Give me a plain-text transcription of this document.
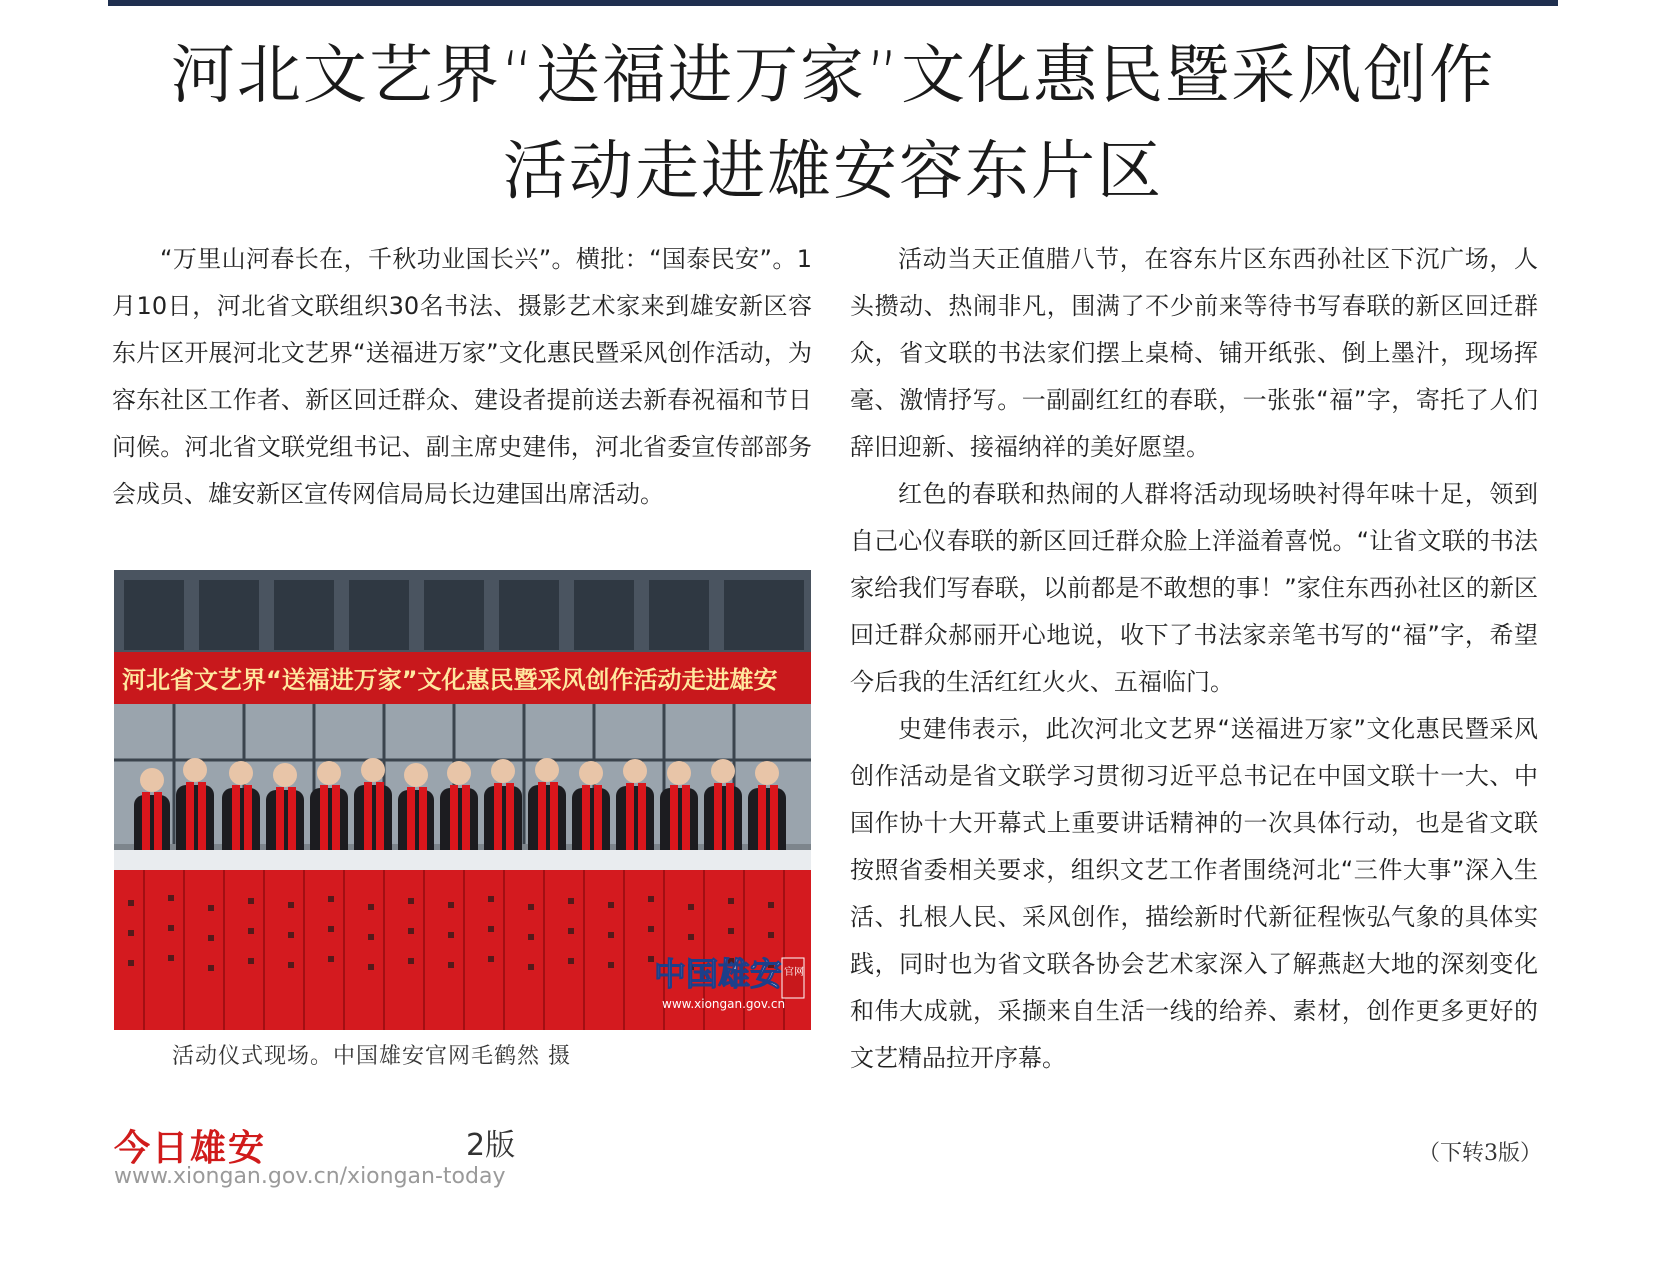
河北文艺界“送福进万家”文化惠民暨采风创作
活动走进雄安容东片区

“万里山河春长在，千秋功业国长兴”。横批：“国泰民安”。1月10日，河北省文联组织30名书法、摄影艺术家来到雄安新区容东片区开展河北文艺界“送福进万家”文化惠民暨采风创作活动，为容东社区工作者、新区回迁群众、建设者提前送去新春祝福和节日问候。河北省文联党组书记、副主席史建伟，河北省委宣传部部务会成员、雄安新区宣传网信局局长边建国出席活动。

河北省文艺界“送福进万家”文化惠民暨采风创作活动走进雄安
中国雄安 官网
www.xiongan.gov.cn
活动仪式现场。中国雄安官网毛鹤然 摄
今日雄安	2版
www.xiongan.gov.cn/xiongan-today

活动当天正值腊八节，在容东片区东西孙社区下沉广场，人头攒动、热闹非凡，围满了不少前来等待书写春联的新区回迁群众，省文联的书法家们摆上桌椅、铺开纸张、倒上墨汁，现场挥毫、激情抒写。一副副红红的春联，一张张“福”字，寄托了人们辞旧迎新、接福纳祥的美好愿望。

红色的春联和热闹的人群将活动现场映衬得年味十足，领到自己心仪春联的新区回迁群众脸上洋溢着喜悦。“让省文联的书法家给我们写春联，以前都是不敢想的事！”家住东西孙社区的新区回迁群众郝丽开心地说，收下了书法家亲笔书写的“福”字，希望今后我的生活红红火火、五福临门。

史建伟表示，此次河北文艺界“送福进万家”文化惠民暨采风创作活动是省文联学习贯彻习近平总书记在中国文联十一大、中国作协十大开幕式上重要讲话精神的一次具体行动，也是省文联按照省委相关要求，组织文艺工作者围绕河北“三件大事”深入生活、扎根人民、采风创作，描绘新时代新征程恢弘气象的具体实践，同时也为省文联各协会艺术家深入了解燕赵大地的深刻变化和伟大成就，采撷来自生活一线的给养、素材，创作更多更好的文艺精品拉开序幕。

（下转3版）
